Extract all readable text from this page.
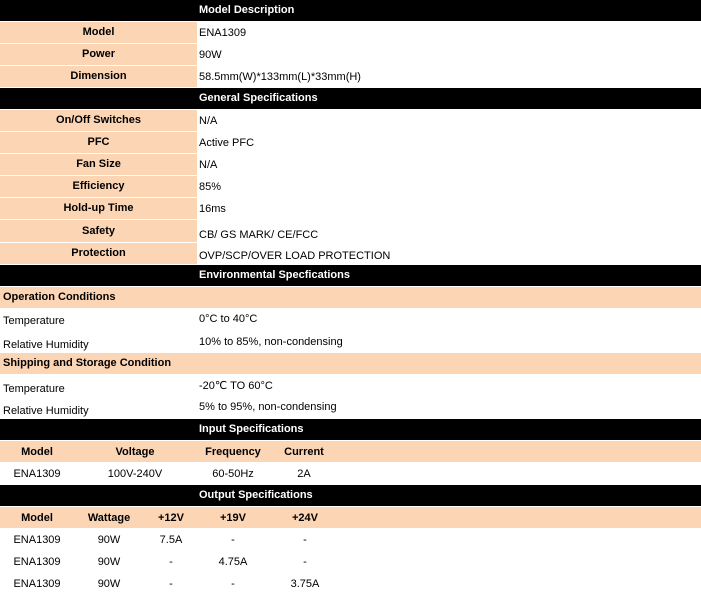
Model Description
Model	ENA1309
Power	90W
Dimension	58.5mm(W)*133mm(L)*33mm(H)
General Specifications
On/Off Switches	N/A
PFC	Active PFC
Fan Size	N/A
Efficiency	85%
Hold-up Time	16ms
Safety	CB/ GS MARK/ CE/FCC
Protection	OVP/SCP/OVER LOAD PROTECTION
Environmental Specfications
Operation Conditions
Temperature	0°C to 40°C
Relative Humidity	10% to 85%, non-condensing
Shipping and Storage Condition
Temperature	-20℃ TO 60°C
Relative Humidity	5% to 95%, non-condensing
Input Specifications
Model	Voltage	Frequency	Current
ENA1309	100V-240V	60-50Hz	2A
Output Specifications
Model	Wattage	+12V	+19V	+24V
ENA1309	90W	7.5A	-	-
ENA1309	90W	-	4.75A	-
ENA1309	90W	-	-	3.75A
